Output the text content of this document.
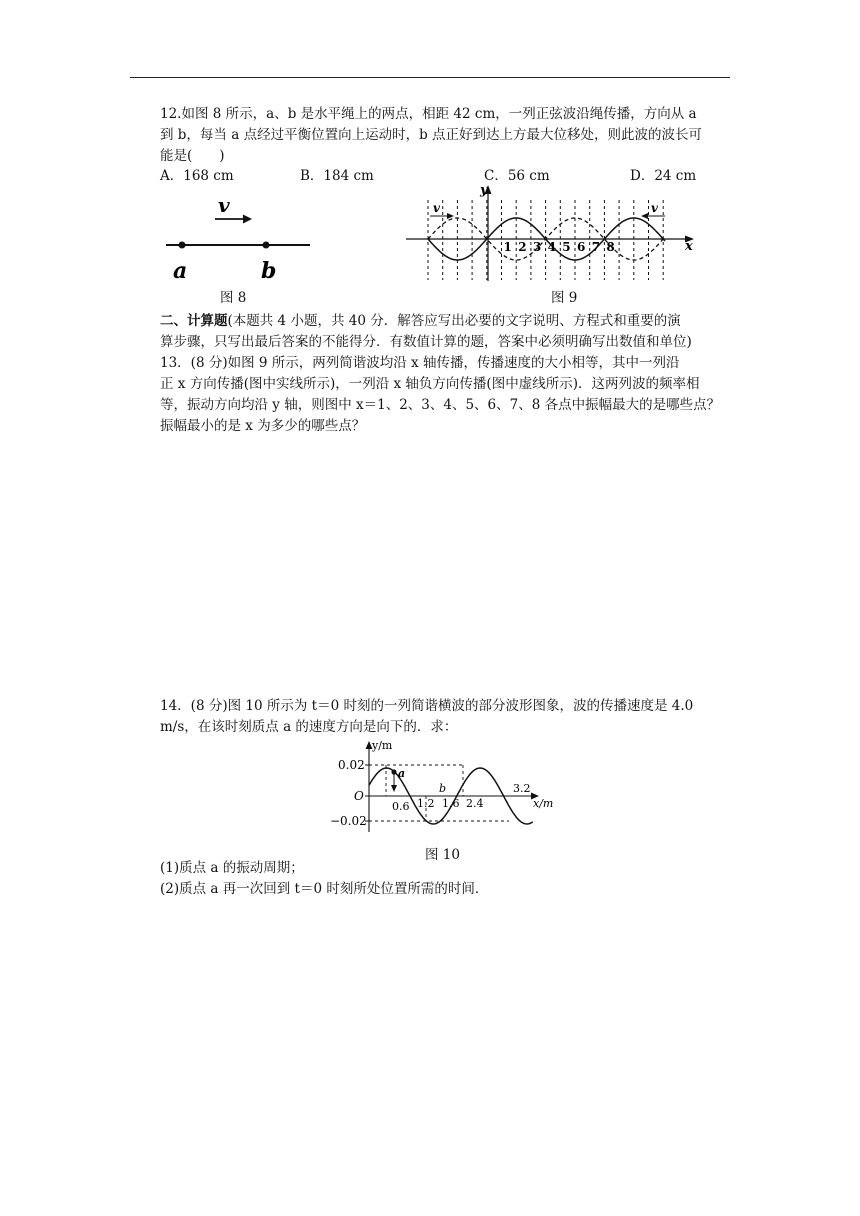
12.如图 8 所示，a、b 是水平绳上的两点，相距 42 cm，一列正弦波沿绳传播，方向从 a
到 b，每当 a 点经过平衡位置向上运动时，b 点正好到达上方最大位移处，则此波的波长可
能是(　　)
A．168 cm	B．184 cm	C．56 cm	D．24 cm
v
a	b
图 8
y
x
v	v
1 2 3 4 5 6 7 8
图 9
二、计算题(本题共 4 小题，共 40 分．解答应写出必要的文字说明、方程式和重要的演
算步骤，只写出最后答案的不能得分．有数值计算的题，答案中必须明确写出数值和单位)
13．(8 分)如图 9 所示，两列简谐波均沿 x 轴传播，传播速度的大小相等，其中一列沿
正 x 方向传播(图中实线所示)，一列沿 x 轴负方向传播(图中虚线所示)．这两列波的频率相
等，振动方向均沿 y 轴，则图中 x＝1、2、3、4、5、6、7、8 各点中振幅最大的是哪些点？
振幅最小的是 x 为多少的哪些点？
14．(8 分)图 10 所示为 t＝0 时刻的一列简谐横波的部分波形图象，波的传播速度是 4.0
m/s，在该时刻质点 a 的速度方向是向下的．求：
y/m
x/m
O
0.02
−0.02
0.6 1.2 1.6 2.4
3.2
a
b
图 10
(1)质点 a 的振动周期；
(2)质点 a 再一次回到 t＝0 时刻所处位置所需的时间．
